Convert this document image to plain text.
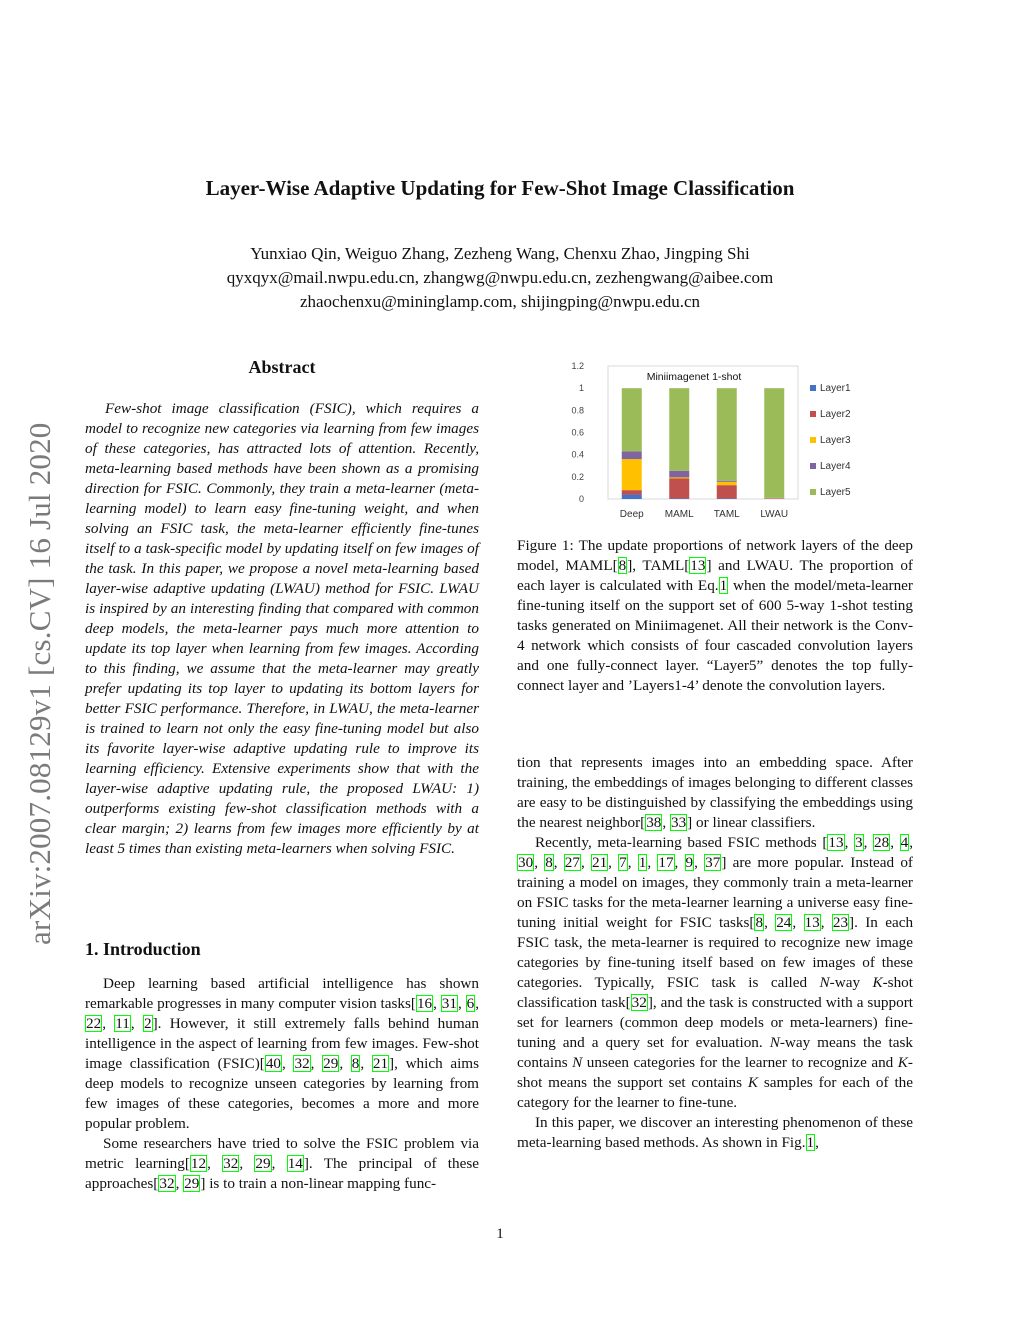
arXiv:2007.08129v1 [cs.CV] 16 Jul 2020
Layer-Wise Adaptive Updating for Few-Shot Image Classification
Yunxiao Qin, Weiguo Zhang, Zezheng Wang, Chenxu Zhao, Jingping Shi
qyxqyx@mail.nwpu.edu.cn, zhangwg@nwpu.edu.cn, zezhengwang@aibee.com
zhaochenxu@mininglamp.com, shijingping@nwpu.edu.cn
Abstract

Few-shot image classification (FSIC), which requires a model to recognize new categories via learning from few images of these categories, has attracted lots of attention. Recently, meta-learning based methods have been shown as a promising direction for FSIC. Commonly, they train a meta-learner (meta-learning model) to learn easy fine-tuning weight, and when solving an FSIC task, the meta-learner efficiently fine-tunes itself to a task-specific model by updating itself on few images of the task. In this paper, we propose a novel meta-learning based layer-wise adaptive updating (LWAU) method for FSIC. LWAU is inspired by an interesting finding that compared with common deep models, the meta-learner pays much more attention to update its top layer when learning from few images. According to this finding, we assume that the meta-learner may greatly prefer updating its top layer to updating its bottom layers for better FSIC performance. Therefore, in LWAU, the meta-learner is trained to learn not only the easy fine-tuning model but also its favorite layer-wise adaptive updating rule to improve its learning efficiency. Extensive experiments show that with the layer-wise adaptive updating rule, the proposed LWAU: 1) outperforms existing few-shot classification methods with a clear margin; 2) learns from few images more efficiently by at least 5 times than existing meta-learners when solving FSIC.

1. Introduction

Deep learning based artificial intelligence has shown remarkable progresses in many computer vision tasks[16, 31, 6, 22, 11, 2]. However, it still extremely falls behind human intelligence in the aspect of learning from few images. Few-shot image classification (FSIC)[40, 32, 29, 8, 21], which aims deep models to recognize unseen categories by learning from few images of these categories, becomes a more and more popular problem.

Some researchers have tried to solve the FSIC problem via metric learning[12, 32, 29, 14]. The principal of these approaches[32, 29] is to train a non-linear mapping func-

Miniimagenet 1-shot
0
0.2
0.4
0.6
0.8
1
1.2
Deep MAML TAML LWAU
Layer1
Layer2
Layer3
Layer4
Layer5

Figure 1: The update proportions of network layers of the deep model, MAML[8], TAML[13] and LWAU. The proportion of each layer is calculated with Eq.1 when the model/meta-learner fine-tuning itself on the support set of 600 5-way 1-shot testing tasks generated on Miniimagenet. All their network is the Conv-4 network which consists of four cascaded convolution layers and one fully-connect layer. “Layer5” denotes the top fully-connect layer and ’Layers1-4’ denote the convolution layers.

tion that represents images into an embedding space. After training, the embeddings of images belonging to different classes are easy to be distinguished by classifying the embeddings using the nearest neighbor[38, 33] or linear classifiers.

Recently, meta-learning based FSIC methods [13, 3, 28, 4, 30, 8, 27, 21, 7, 1, 17, 9, 37] are more popular. Instead of training a model on images, they commonly train a meta-learner on FSIC tasks for the meta-learner learning a universe easy fine-tuning initial weight for FSIC tasks[8, 24, 13, 23]. In each FSIC task, the meta-learner is required to recognize new image categories by fine-tuning itself based on few images of these categories. Typically, FSIC task is called N-way K-shot classification task[32], and the task is constructed with a support set for learners (common deep models or meta-learners) fine-tuning and a query set for evaluation. N-way means the task contains N unseen categories for the learner to recognize and K-shot means the support set contains K samples for each of the category for the learner to fine-tune.

In this paper, we discover an interesting phenomenon of these meta-learning based methods. As shown in Fig.1,

1
